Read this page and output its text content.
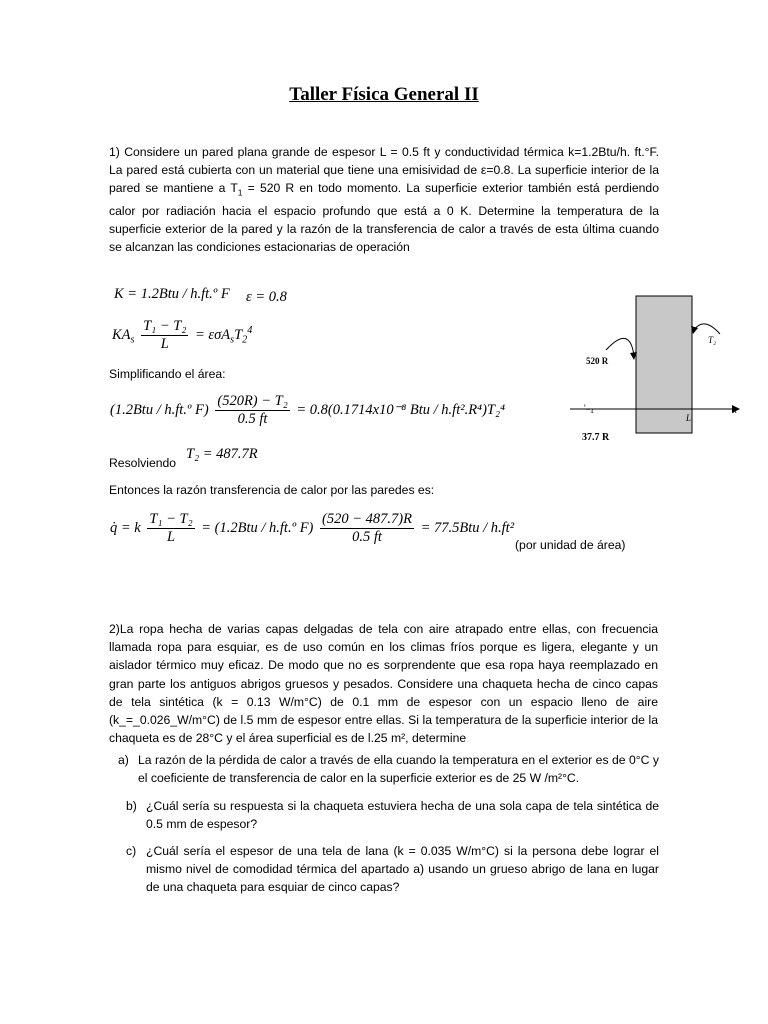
Taller Física General II
1) Considere un pared plana grande de espesor L = 0.5 ft y conductividad térmica k=1.2Btu/h. ft.°F. La pared está cubierta con un material que tiene una emisividad de ε=0.8. La superficie interior de la pared se mantiene a $T_1 = 520$ R en todo momento. La superficie exterior también está perdiendo calor por radiación hacia el espacio profundo que está a 0 K. Determine la temperatura de la superficie exterior de la pared y la razón de la transferencia de calor a través de esta última cuando se alcanzan las condiciones estacionarias de operación
K = 1.2Btu / h.ft.º F ε = 0.8
$KA_s \frac{\text{T₁ − T₂}}{L} = \varepsilon\sigma A_sT_2^4$
Simplificando el área:
(1.2Btu / h.ft.º $F) \frac{\text{(520R) − T₂}}{0.5 ft} = 0.8(0.1714x10^{-8}$ Btu / h.ft².R⁴)T₂⁴
Resolviendo
T₂ = 487.7R
Entonces la razón transferencia de calor por las paredes es:
q̇ = k $\frac{\text{T₁ − T₂}}{L} = (1.2Btu$ / h.ft.º $F) \frac{(520 - 487.7)R}{0.5 ft} = 77.5Btu / h.ft^2$
(por unidad de área)
520 R
T₂
L
x
'₋₄
37.7 R
2)La ropa hecha de varias capas delgadas de tela con aire atrapado entre ellas, con frecuencia llamada ropa para esquiar, es de uso común en los climas fríos porque es ligera, elegante y un aislador térmico muy eficaz. De modo que no es sorprendente que esa ropa haya reemplazado en gran parte los antiguos abrigos gruesos y pesados. Considere una chaqueta hecha de cinco capas de tela sintética (k = 0.13 W/m°C) de 0.1 mm de espesor con un espacio lleno de aire (k_=_0.026_W/m°C) de l.5 mm de espesor entre ellas. Si la temperatura de la superficie interior de la chaqueta es de 28°C y el área superficial es de l.25 m², determine
a) La razón de la pérdida de calor a través de ella cuando la temperatura en el exterior es de 0°C y el coeficiente de transferencia de calor en la superficie exterior es de 25 W /m²°C.
b) ¿Cuál sería su respuesta si la chaqueta estuviera hecha de una sola capa de tela sintética de 0.5 mm de espesor?
c) ¿Cuál sería el espesor de una tela de lana (k = 0.035 W/m°C) si la persona debe lograr el mismo nivel de comodidad térmica del apartado a) usando un grueso abrigo de lana en lugar de una chaqueta para esquiar de cinco capas?
